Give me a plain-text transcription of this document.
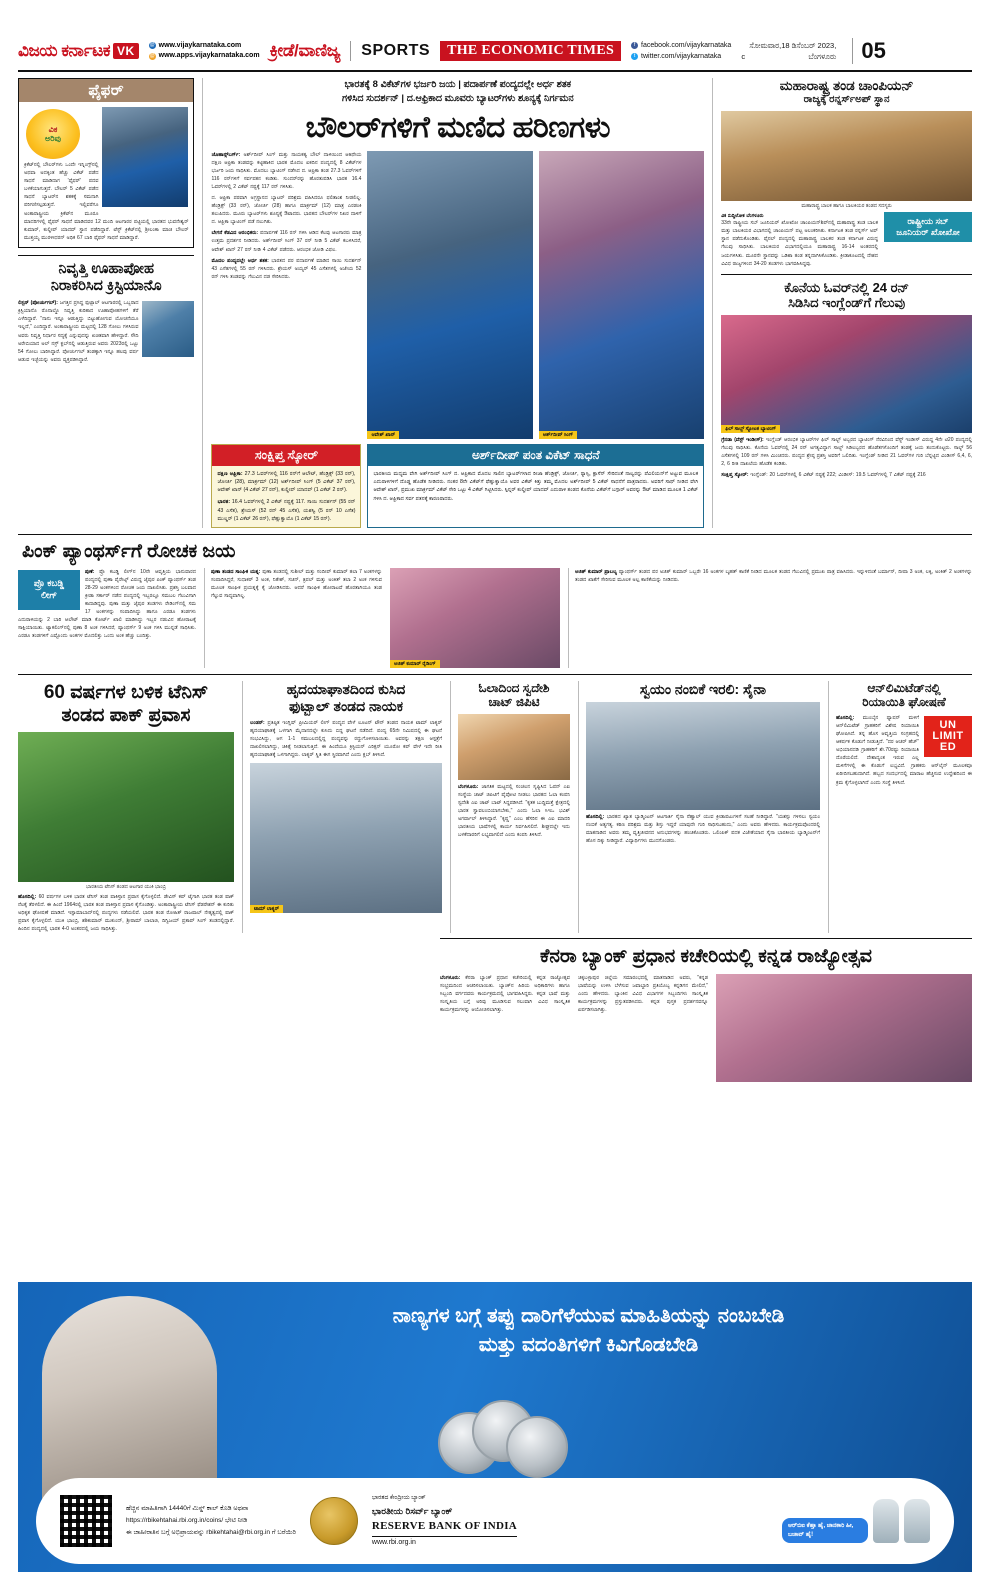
ವಿಜಯ ಕರ್ನಾಟಕ VK	@ www.vijaykarnataka.com
@ www.apps.vijaykarnataka.com ಕ್ರೀಡೆ/ವಾಣಿಜ್ಯ SPORTS	THE ECONOMIC TIMES	f facebook.com/vijaykarnataka
t twitter.com/vijaykarnataka
ಸೋಮವಾರ,18 ಡಿಸೆಂಬರ್ 2023,
c	ಬೆಂಗಳೂರು	05
ಫೈಫರ್
ವಿಕ
ಅರಿವು
ಕ್ರಿಕೆಟ್‌ನಲ್ಲಿ ಬೌಲರ್‌ಗಳು ಒಂದೇ ಇನ್ನಿಂಗ್ಸ್‌ನಲ್ಲಿ ಅಥವಾ ಅದಕ್ಕಿಂತ ಹೆಚ್ಚು ವಿಕೆಟ್ ಪಡೆದ ಸಾಧನೆ ಮಾಡಿದಾಗ 'ಫೈಫರ್' ಪದವ ಬಳಕೆಯಾಗುತ್ತದೆ. ಬೌಲರ್ 5 ವಿಕೆಟ್ ಪಡೆದ ಸಾಧನೆ ಬ್ಯಾಟರ್‌ನ ಶತಕಕ್ಕೆ ಸಮನಾಗಿ ಪರಿಗಣಿಸಲ್ಪಡುತ್ತದೆ. ಇಲ್ಲಿವರೆಗೂ ಅಂತಾರಾಷ್ಟ್ರೀಯ ಕ್ರಿಕೆಟ್‌ನ ಮೂರೂ ಮಾದರಿಗಳಲ್ಲಿ ಫೈಫರ್ ಸಾಧನೆ ಮಾಡಿದವರ 12 ಮಂದಿ ಆಟಗಾರರ ಪಟ್ಟಿಯಲ್ಲಿ ಭಾರತದ ಭುವನೇಶ್ವರ್ ಕುಮಾರ್, ಕುಲ್ದೀಪ್ ಯಾದವ್ ಸ್ಥಾನ ಪಡೆದಿದ್ದಾರೆ. ಟೆಸ್ಟ್ ಕ್ರಿಕೆಟ್‌ನಲ್ಲಿ ಶ್ರೀಲಂಕಾ ಮಾಜಿ ಬೌಲರ್ ಮುತ್ತಯ್ಯ ಮುರಳೀಧರನ್ ಅಧಿಕ 67 ಬಾರಿ ಫೈಫರ್ ಸಾಧನೆ ಮಾಡಿದ್ದಾರೆ.
ನಿವೃತ್ತಿ ಊಹಾಪೋಹ
ನಿರಾಕರಿಸಿದ ಕ್ರಿಸ್ಟಿಯಾನೊ
ಲಿಸ್ಬನ್ (ಪೋರ್ಚುಗಲ್): ಜಗತ್ತಿನ ಪ್ರಸಿದ್ಧ ಫುಟ್ಬಾಲ್ ಆಟಗಾರರಲ್ಲಿ ಒಬ್ಬರಾದ ಕ್ರಿಸ್ಟಿಯಾನೊ ರೊನಾಲ್ಡೊ ನಿವೃತ್ತಿ ಕುರಿತಾದ ಊಹಾಪೋಹಗಳಿಗೆ ತೆರೆ ಎಳೆದಿದ್ದಾರೆ. "ನಾನು ಇನ್ನೂ ಆಡುತ್ತಿದ್ದು ಬಿಟ್ಟುಹೋಗುವ ಯೋಚನೆಯೂ ಇಲ್ಲದೆ," ಎಂದಿದ್ದಾರೆ. ಅಂತಾರಾಷ್ಟ್ರೀಯ ಮಟ್ಟದಲ್ಲಿ 128 ಗೋಲು ಗಳಿಸಿರುವ ಅವರು ನಿವೃತ್ತಿ ನಿರ್ಧಾರ ಸದ್ಯಕ್ಕೆ ಎನ್ನುವುದನ್ನು ಖಚಿತವಾಗಿ ಹೇಳಿದ್ದಾರೆ. ಸೌದಿ ಅರೇಬಿಯಾದ ಅಲ್ ನಸ್ರ್ ಕ್ಲಬ್‌ನಲ್ಲಿ ಆಡುತ್ತಿರುವ ಅವರು 2023ರಲ್ಲಿ ಒಟ್ಟು 54 ಗೋಲು ಬಾರಿಸಿದ್ದಾರೆ. ಪೋರ್ಚುಗಲ್ ತಂಡಕ್ಕಾಗಿ ಇನ್ನೂ ಹಲವು ವರ್ಷ ಆಡುವ ಇಚ್ಛೆಯನ್ನು ಅವರು ವ್ಯಕ್ತಪಡಿಸಿದ್ದಾರೆ.
ಭಾರತಕ್ಕೆ 8 ವಿಕೆಟ್‌ಗಳ ಭರ್ಜರಿ ಜಯ | ಪದಾರ್ಪಣೆ ಪಂದ್ಯದಲ್ಲೇ ಅರ್ಧ ಶತಕ
ಗಳಿಸಿದ ಸುದರ್ಶನ್ | ದ.ಆಫ್ರಿಕಾದ ಮೂವರು ಬ್ಯಾಟರ್‌ಗಳು ಶೂನ್ಯಕ್ಕೆ ನಿರ್ಗಮನ
ಬೌಲರ್‌ಗಳಿಗೆ ಮಣಿದ ಹರಿಣಗಳು
ಜೊಹಾನ್ಸ್‌ಬರ್ಗ್: ಅರ್ಶ್‌ದೀಪ್ ಸಿಂಗ್ ಮತ್ತು ನಾಯಕತ್ವ ಬೌಲ್ ದಾಳಿಯಿಂದ ಆತಿಥೇಯ ದಕ್ಷಿಣ ಆಫ್ರಿಕಾ ತಂಡವನ್ನು ಕಟ್ಟಿಹಾಕಿದ ಭಾರತ ಮೊದಲ ಏಕದಿನ ಪಂದ್ಯದಲ್ಲಿ 8 ವಿಕೆಟ್‌ಗಳ ಭರ್ಜರಿ ಜಯ ಸಾಧಿಸಿತು. ಮೊದಲು ಬ್ಯಾಟಿಂಗ್ ನಡೆಸಿದ ದ. ಆಫ್ರಿಕಾ ತಂಡ 27.3 ಓವರ್‌ಗಳಿಗೆ 116 ರನ್‌ಗಳಿಗೆ ಸರ್ವಪತನ ಕಂಡಿತು. ಸುಂದರ್‌ರನ್ನು ಹೊರತುಪಡಿಸಿ ಭಾರತ 16.4 ಓವರ್‌ಗಳಲ್ಲಿ 2 ವಿಕೆಟ್ ನಷ್ಟಕ್ಕೆ 117 ರನ್ ಗಳಿಸಿತು.
ದ. ಆಫ್ರಿಕಾ ಪರವಾಗಿ ಅಗ್ರಸ್ಥಾನದ ಬ್ಯಾಟರ್ ಪರಿಶ್ರಮ ವಹಿಸಿದರೂ ಫಲಿತಾಂಶ ನೀಡಲಿಲ್ಲ. ಹೆಂಡ್ರಿಕ್ಸ್ (33 ರನ್), ಜೋರ್ಜಿ (28) ಹಾಗೂ ಮಾರ್ಕ್ರಮ್ (12) ಮಾತ್ರ ಎರಡಂಕಿ ತಲುಪಿದರು. ಮೂರು ಬ್ಯಾಟರ್‌ಗಳು ಶೂನ್ಯಕ್ಕೆ ಔಟಾದರು. ಭಾರತದ ಬೌಲರ್‌ಗಳ ನಿಖರ ದಾಳಿಗೆ ದ. ಆಫ್ರಿಕಾ ಬ್ಯಾಟಿಂಗ್ ಪಡೆ ನಲುಗಿತು.
ಬೇಗನೆ ಕೆಡವಿದ ಆರಂಭಿಕರು: ಪದಾರ್ಪಣೆ 116 ರನ್ ಗಳಿಸಿ ಆಡಿದ ಕೆಲವು ಆಟಗಾರರು ಮಾತ್ರ ಉತ್ತಮ ಪ್ರದರ್ಶನ ನೀಡಿದರು. ಅರ್ಶ್‌ದೀಪ್ ಸಿಂಗ್ 37 ರನ್ ನೀಡಿ 5 ವಿಕೆಟ್ ಕಬಳಿಸಿದರೆ, ಆವೇಶ್ ಖಾನ್ 27 ರನ್ ನೀಡಿ 4 ವಿಕೆಟ್ ಪಡೆದರು. ಆರಂಭಿಕ ಜೋಡಿ ವಿಫಲ.
ಮೊದಲ ಪಂದ್ಯದಲ್ಲೇ ಅರ್ಧ ಶತಕ: ಭಾರತದ ಪರ ಪದಾರ್ಪಣೆ ಮಾಡಿದ ಸಾಯಿ ಸುದರ್ಶನ್ 43 ಎಸೆತಗಳಲ್ಲಿ 55 ರನ್ ಗಳಿಸಿದರು. ಶ್ರೇಯಸ್ ಅಯ್ಯರ್ 45 ಎಸೆತಗಳಲ್ಲಿ ಅಜೇಯ 52 ರನ್ ಗಳಿಸಿ ತಂಡವನ್ನು ಗೆಲುವಿನ ದಡ ಸೇರಿಸಿದರು.
ಆವೇಶ್ ಖಾನ್	ಅರ್ಶ್‌ದೀಪ್ ಸಿಂಗ್
ಸಂಕ್ಷಿಪ್ತ ಸ್ಕೋರ್
ದಕ್ಷಿಣ ಆಫ್ರಿಕಾ: 27.3 ಓವರ್‌ಗಳಲ್ಲಿ 116 ರನ್‌ಗೆ ಆಲೌಟ್, ಹೆಂಡ್ರಿಕ್ಸ್ (33 ರನ್), ಜೋರ್ಜಿ (28), ಮಾರ್ಕ್ರಮ್ (12) ಅರ್ಶ್‌ದೀಪ್ ಸಿಂಗ್ (5 ವಿಕೆಟ್ 37 ರನ್), ಆವೇಶ್ ಖಾನ್ (4 ವಿಕೆಟ್ 27 ರನ್), ಕುಲ್ದೀಪ್ ಯಾದವ್ (1 ವಿಕೆಟ್ 2 ರನ್).
ಭಾರತ: 16.4 ಓವರ್‌ಗಳಲ್ಲಿ 2 ವಿಕೆಟ್ ನಷ್ಟಕ್ಕೆ 117. ಸಾಯಿ ಸುದರ್ಶನ್ (55 ರನ್ 43 ಎಸೆತ), ಶ್ರೇಯಸ್ (52 ರನ್ 45 ಎಸೆತ), ಯಶಸ್ವಿ (5 ರನ್ 10 ಎಸೆತ) ಮುಲ್ಡರ್ (1 ವಿಕೆಟ್ 26 ರನ್), ಫೆಹ್ಲುಕ್ವಾಯೊ (1 ವಿಕೆಟ್ 15 ರನ್).
ಅರ್ಶ್‌ದೀಪ್ ಪಂತ ವಿಕೆಟ್ ಸಾಧನೆ
ಭಾರತೀಯ ಮಧ್ಯಮ ವೇಗಿ ಅರ್ಶ್‌ದೀಪ್ ಸಿಂಗ್ ದ. ಆಫ್ರಿಕಾದ ಮೊದಲ ಸಾಲಿನ ಬ್ಯಾಟರ್‌ಗಳಾದ ರೀಜಾ ಹೆಂಡ್ರಿಕ್ಸ್, ಜೋರ್ಜಿ, ರ‍್ಯಾಸ್ಸಿ, ಕ್ಲಾಸೆನ್ ಸೇರಿದಂತೆ ನಾಲ್ವರನ್ನು ಪೆವಿಲಿಯನ್‌ಗೆ ಅಟ್ಟುವ ಮೂಲಕ ಎದುರಾಳಿಗಳಿಗೆ ದೊಡ್ಡ ಹೊಡೆತ ನೀಡಿದರು. ನಂತರ 8ನೇ ವಿಕೆಟ್‌ಗೆ ಫೆಹ್ಲುಕ್ವಾಯೊ ಅವರ ವಿಕೆಟ್ ಕಿತ್ತು ತಮ್ಮ ಮೊದಲ ಅರ್ಶ್‌ದೀಪ್ 5 ವಿಕೆಟ್ ಸಾಧನೆಗೆ ಪಾತ್ರರಾದರು. ಅವರಿಗೆ ಸಾಥ್ ನೀಡಿದ ವೇಗಿ ಆವೇಶ್ ಖಾನ್, ಪ್ರಮುಖ ಮಾರ್ಕ್ರಮ್ ವಿಕೆಟ್ ಸೇರಿ ಒಟ್ಟು 4 ವಿಕೆಟ್ ಗಿಟ್ಟಿಸಿದರು. ಸ್ಪಿನ್ನರ್ ಕುಲ್ದೀಪ್ ಯಾದವ್ ಎದುರಾಳಿ ತಂಡದ ಕೊನೆಯ ವಿಕೆಟ್‌ಗೆ ಬಗ್ಗಾರ್ ಅವರನ್ನು ಔಟ್ ಮಾಡಿದ ಮೂಲಕ 1 ವಿಕೆಟ್ ಗಳಿಸಿ ದ. ಆಫ್ರಿಕಾದ ಸರ್ವ ಪತನಕ್ಕೆ ಕಾರಣರಾದರು.
ಮಹಾರಾಷ್ಟ್ರ ತಂಡ ಚಾಂಪಿಯನ್
ರಾಜ್ಯಕ್ಕೆ ರನ್ನರ್ಸ್‌ಅಪ್ ಸ್ಥಾನ
ಮಹಾರಾಷ್ಟ್ರ ಬಾಲಕ ಹಾಗೂ ಬಾಲಕಿಯರ ತಂಡದ ಸದಸ್ಯರು
ವಿಕ ಸುದ್ದಿಲೋಕ ಬೆಂಗಳೂರು
33ನೇ ರಾಷ್ಟ್ರೀಯ ಸಬ್ ಜೂನಿಯರ್ ಖೋಖೋ ಚಾಂಪಿಯನ್‌ಶಿಪ್‌ನಲ್ಲಿ ಮಹಾರಾಷ್ಟ್ರ ತಂಡ ಬಾಲಕ ಮತ್ತು ಬಾಲಕಿಯರ ವಿಭಾಗದಲ್ಲಿ ಚಾಂಪಿಯನ್ ಪಟ್ಟ ಅಲಂಕರಿಸಿತು. ಕರ್ನಾಟಕ ತಂಡ ರನ್ನರ್ಸ್ ಅಪ್ ಸ್ಥಾನ ಪಡೆದುಕೊಂಡಿತು. ಫೈನಲ್ ಪಂದ್ಯದಲ್ಲಿ ಮಹಾರಾಷ್ಟ್ರ ಬಾಲಕರ ತಂಡ ಕರ್ನಾಟಕ ವಿರುದ್ಧ ಗೆಲುವು ಸಾಧಿಸಿತು. ಬಾಲಕಿಯರ ವಿಭಾಗದಲ್ಲಿಯೂ ಮಹಾರಾಷ್ಟ್ರ 16-14 ಅಂತರದಲ್ಲಿ ಜಯಗಳಿಸಿತು. ಮೂರನೇ ಸ್ಥಾನವನ್ನು ಒಡಿಶಾ ತಂಡ ತನ್ನದಾಗಿಸಿಕೊಂಡಿತು. ಕ್ರೀಡಾಕೂಟದಲ್ಲಿ ದೇಶದ ವಿವಿಧ ರಾಜ್ಯಗಳಿಂದ 34-20 ತಂಡಗಳು ಭಾಗವಹಿಸಿದ್ದವು.
ರಾಷ್ಟ್ರೀಯ ಸಬ್
ಜೂನಿಯರ್ ಖೋಖೋ
ಕೊನೆಯ ಓವರ್‌ನಲ್ಲಿ 24 ರನ್
ಸಿಡಿಸಿದ ಇಂಗ್ಲೆಂಡ್‌ಗೆ ಗೆಲುವು
ಫಿಲ್ ಸಾಲ್ಟ್ ಸ್ಫೋಟಕ ಬ್ಯಾಟಿಂಗ್
ಗ್ರೆನಡಾ (ವೆಸ್ಟ್ ಇಂಡೀಸ್): ಇಂಗ್ಲೆಂಡ್ ಆರಂಭಿಕ ಬ್ಯಾಟರ್‌ಗಳ ಫಿಲ್ ಸಾಲ್ಟ್ ಅಬ್ಬರದ ಬ್ಯಾಟಿಂಗ್ ನೆರವಿನಿಂದ ವೆಸ್ಟ್ ಇಂಡೀಸ್ ವಿರುದ್ಧ 4ನೇ ಟಿ20 ಪಂದ್ಯದಲ್ಲಿ ಗೆಲುವು ಸಾಧಿಸಿತು. ಕೊನೆಯ ಓವರ್‌ನಲ್ಲಿ 24 ರನ್ ಅಗತ್ಯವಿದ್ದಾಗ ಸಾಲ್ಟ್ ಸಿಡಿಲಬ್ಬರದ ಹೊಡೆತಗಳೊಂದಿಗೆ ತಂಡಕ್ಕೆ ಜಯ ತಂದುಕೊಟ್ಟರು. ಸಾಲ್ಟ್ 56 ಎಸೆತಗಳಲ್ಲಿ 109 ರನ್ ಗಳಿಸಿ ಮಿಂಚಿದರು. ಪಂದ್ಯದ ಶ್ರೇಷ್ಠ ಪ್ರಶಸ್ತಿ ಅವರಿಗೆ ಒಲಿದಿತು. ಇಂಗ್ಲೆಂಡ್ ನೀಡಿದ 21 ಓವರ್‌ಗಳ ಗುರಿ ಬೆನ್ನಟ್ಟಿದ ವಿಂಡೀಸ್ 6,4, 6, 2, 6 ರೀತಿ ದಾಖಲೆಯ ಹೊಡೆತ ಕಂಡಿತು.
ಸಂಕ್ಷಿಪ್ತ ಸ್ಕೋರ್: ಇಂಗ್ಲೆಂಡ್: 20 ಓವರ್‌ಗಳಲ್ಲಿ 6 ವಿಕೆಟ್ ನಷ್ಟಕ್ಕೆ 222; ವಿಂಡೀಸ್: 19.5 ಓವರ್‌ಗಳಲ್ಲಿ 7 ವಿಕೆಟ್ ನಷ್ಟಕ್ಕೆ 216
ಪಿಂಕ್ ಪ್ಯಾಂಥರ್ಸ್‌ಗೆ ರೋಚಕ ಜಯ
ಪ್ರೊ ಕಬಡ್ಡಿ
ಲೀಗ್
ಪುಣೆ: ಪ್ರೊ ಕಬಡ್ಡಿ ಲೀಗ್‌ನ 10ನೇ ಆವೃತ್ತಿಯ ಭಾನುವಾರದ ಪಂದ್ಯದಲ್ಲಿ ಪುಣಾ ಪೈರೇಟ್ಸ್ ವಿರುದ್ಧ ಜೈಪುರ ಪಿಂಕ್ ಪ್ಯಾಂಥರ್ಸ್ ತಂಡ 28-29 ಅಂಕಗಳಿಂದ ರೋಚಕ ಜಯ ದಾಖಲಿಸಿತು. ಪ್ರಶಸ್ತಿ ಬಲವಾದ ಕ್ರೀಡಾ ಸರ್ಕಾರ್ ನಡೆದ ಪಂದ್ಯದಲ್ಲಿ ಇಬ್ಬರಲ್ಲೂ ಸಮಬಲ ಗೆಲುವಿಗಾಗಿ ಕಾದಾಡಿದ್ದವು. ಪುಣಾ ಮತ್ತು ಜೈಪುರ ತಂಡಗಳು ರೇಡಿಂಗ್‌ನಲ್ಲಿ ಸಮ 17 ಅಂಕಗಳನ್ನು ಸಂಪಾದಿಸಿದ್ದು ಹಾಗೂ ಎರಡೂ ತಂಡಗಳು ಎದುರಾಳಿಯನ್ನು 2 ಬಾರಿ ಆಲೌಟ್ ಮಾಡಿ ಕೋರ್ಟ್ ಖಾಲಿ ಮಾಡಿಸಿದ್ದು ಇಬ್ಬರ ನಡುವಿನ ಹೋರಾಟಕ್ಕೆ ಸಾಕ್ಷಿಯಾಯಿತು. ಟ್ಯಾಕಲಿಂಗ್‌ನಲ್ಲಿ ಪುಣಾ 8 ಅಂಕ ಗಳಿಸಿದರೆ, ಪ್ಯಾಂಥರ್ಸ್ 9 ಅಂಕ ಗಳಿಸಿ ಮುನ್ನಡೆ ಸಾಧಿಸಿತು. ಎರಡೂ ತಂಡಗಳಿಗೆ ಎಷ್ಟೊಂದು ಅಂಕಗಳ ಮೊದಲಿತ್ತು ಒಂದು ಅಂಕ ಹೆಚ್ಚು ಬಂದಿತ್ತು.
ಪುಣಾ ತಂಡದ ಸಾಂಘಿಕ ಯತ್ನ: ಪುಣಾ ತಂಡದಲ್ಲಿ ಸುಶೀಲ್ ಮತ್ತು ಸಂದೀಪ್ ಕುಮಾರ್ ತಲಾ 7 ಅಂಕಗಳನ್ನು ಸಂಪಾದಿಸಿದ್ದರೆ, ಸುಧಾಕರ್ 3 ಅಂಕ, ನಿತೇಶ್, ಸಚಿನ್, ತ್ರಿಪಲ್ ಮತ್ತು ಅಂಕಿತ್ ತಲಾ 2 ಅಂಕ ಗಳಿಸುವ ಮೂಲಕ ಸಾಂಘಿಕ ಪ್ರಯತ್ನಕ್ಕೆ ಕೈ ಜೋಡಿಸಿದರು. ಆದರೆ ಸಾಂಘಿಕ ಹೋರಾಟವೆ ಹೊರತಾಗಿಯೂ ತಂಡ ಗೆಲ್ಲುವ ಸಾಧ್ಯವಾಗಿಲ್ಲ.
ಅಜಿತ್ ಕುಮಾರ್ ರೈಡಿಂಗ್
ಅಜಿತ್ ಕುಮಾರ್ ಪ್ರಾಬಲ್ಯ ಪ್ಯಾಂಥರ್ಸ್ ತಂಡದ ಪರ ಅಜಿತ್ ಕುಮಾರ್ ಒಬ್ಬರೇ 16 ಅಂಕಗಳ ಬೃಹತ್ ಕಾಣಿಕೆ ನೀಡಿದ ಮೂಲಕ ತಂಡದ ಗೆಲುವಿನಲ್ಲಿ ಪ್ರಮುಖ ಪಾತ್ರ ವಹಿಸಿದರು. ಇನ್ನುಳಿದಂತೆ ಬರ್ಮಾನ್, ದೀಪಾ 3 ಅಂಕ, ಲಕ್ಕಿ, ಅಂಕಿತ್ 2 ಅಂಕಗಳನ್ನು ತಂಡದ ಖಾತೆಗೆ ಸೇರಿಸುವ ಮೂಲಕ ಅಲ್ಪ ಕಾಣಿಕೆಯನ್ನು ನೀಡಿದರು.
60 ವರ್ಷಗಳ ಬಳಿಕ ಟೆನಿಸ್
ತಂಡದ ಪಾಕ್ ಪ್ರವಾಸ
ಭಾರತೀಯ ಟೆನಿಸ್ ತಂಡದ ಆಟಗಾರ ಯುಕಿ ಭಾಂಬ್ರಿ
ಹೊಸದಿಲ್ಲಿ: 60 ವರ್ಷಗಳ ಬಳಿಕ ಭಾರತ ಟೆನಿಸ್ ತಂಡ ಪಾಕಿಸ್ತಾನ ಪ್ರವಾಸ ಕೈಗೊಳ್ಳಲಿದೆ. ಡೇವಿಸ್ ಕಪ್ ಟೈಗಾಗಿ ಭಾರತ ತಂಡ ಪಾಕ್ ನೆಲಕ್ಕೆ ತೆರಳಲಿದೆ. ಈ ಹಿಂದೆ 1964ರಲ್ಲಿ ಭಾರತ ತಂಡ ಪಾಕಿಸ್ತಾನ ಪ್ರವಾಸ ಕೈಗೊಂಡಿತ್ತು. ಅಂತಾರಾಷ್ಟ್ರೀಯ ಟೆನಿಸ್ ಫೆಡರೇಶನ್ ಈ ಕುರಿತು ಅಧಿಕೃತ ಘೋಷಣೆ ಮಾಡಿದೆ. ಇಸ್ಲಾಮಾಬಾದ್‌ನಲ್ಲಿ ಪಂದ್ಯಗಳು ನಡೆಯಲಿವೆ. ಭಾರತ ತಂಡ ರೋಹಿತ್ ರಾಜಪಾಲ್ ನೇತೃತ್ವದಲ್ಲಿ ಪಾಕ್ ಪ್ರವಾಸ ಕೈಗೊಳ್ಳಲಿದೆ. ಯುಕಿ ಭಾಂಬ್ರಿ, ಶಶಿಕುಮಾರ್ ಮುಕುಂದ್, ಶ್ರೀರಾಮ್ ಬಾಲಾಜಿ, ದಿಗ್ವಿಜಯ್ ಪ್ರತಾಪ್ ಸಿಂಗ್ ತಂಡದಲ್ಲಿದ್ದಾರೆ. ಹಿಂದಿನ ಪಂದ್ಯದಲ್ಲಿ ಭಾರತ 4-0 ಅಂತರದಲ್ಲಿ ಜಯ ಸಾಧಿಸಿತ್ತು.
ಹೃದಯಾಘಾತದಿಂದ ಕುಸಿದ
ಫುಟ್ಬಾಲ್ ತಂಡದ ನಾಯಕ
ಲಂಡನ್: ಪ್ರತಿಷ್ಠಿತ ಇಂಗ್ಲಿಷ್ ಪ್ರೀಮಿಯರ್ ಲೀಗ್ ಪಂದ್ಯದ ವೇಳೆ ಲೂಟನ್ ಟೌನ್ ತಂಡದ ನಾಯಕ ಟಾಮ್ ಲಾಕ್ಯರ್ ಹೃದಯಾಘಾತಕ್ಕೆ ಒಳಗಾಗಿ ಮೈದಾನದಲ್ಲೇ ಕುಸಿದು ಬಿದ್ದ ಘಟನೆ ನಡೆದಿದೆ. ಪಂದ್ಯ 65ನೇ ನಿಮಿಷದಲ್ಲಿ ಈ ಘಟನೆ ಸಂಭವಿಸಿದ್ದು, ಆಗ 1-1 ಸಮಬಲದಲ್ಲಿದ್ದ ಪಂದ್ಯವನ್ನು ರದ್ದುಗೊಳಿಸಲಾಯಿತು. ಅವರನ್ನು ತಕ್ಷಣ ಆಸ್ಪತ್ರೆಗೆ ದಾಖಲಿಸಲಾಗಿದ್ದು, ಚಿಕಿತ್ಸೆ ನೀಡಲಾಗುತ್ತಿದೆ. ಈ ಹಿಂದೆಯೂ ಕ್ರಿಸ್ಟಿಯನ್ ಎರಿಕ್ಸನ್ ಯೂರೋ ಕಪ್ ವೇಳೆ ಇದೇ ರೀತಿ ಹೃದಯಾಘಾತಕ್ಕೆ ಒಳಗಾಗಿದ್ದರು. ಲಾಕ್ಯರ್ ಸ್ಥಿತಿ ಈಗ ಸ್ಥಿರವಾಗಿದೆ ಎಂದು ಕ್ಲಬ್ ತಿಳಿಸಿದೆ.
ಟಾಮ್ ಲಾಕ್ಯರ್
ಓಲಾದಿಂದ ಸ್ವದೇಶಿ
ಚಾಟ್ ಜಿಪಿಟಿ
ಬೆಂಗಳೂರು: ಜಾಗತಿಕ ಮಟ್ಟದಲ್ಲಿ ಸಂಚಲನ ಸೃಷ್ಟಿಸಿದ ಓಪನ್ ಎಐ ಸಂಸ್ಥೆಯ ಚಾಟ್ ಜಿಪಿಟಿಗೆ ಪೈಪೋಟಿ ನೀಡಲು ಭಾರತದ ಓಲಾ ಕಂಪನಿ ಸ್ವದೇಶಿ ಎಐ ಚಾಟ್ ಬಾಟ್ ಸಿದ್ಧಪಡಿಸಿದೆ. "ಕೃತಕ ಬುದ್ಧಿಮತ್ತೆ ಕ್ಷೇತ್ರದಲ್ಲಿ ಭಾರತ ಸ್ವಾವಲಂಬಿಯಾಗಬೇಕು," ಎಂದು ಓಲಾ ಸಿಇಒ ಭವಿಶ್ ಅಗರ್ವಾಲ್ ತಿಳಿಸಿದ್ದಾರೆ. "ಕೃಷ್ಣ" ಎಂಬ ಹೆಸರಿನ ಈ ಎಐ ಮಾದರಿ ಭಾರತೀಯ ಭಾಷೆಗಳಲ್ಲಿ ಕಾರ್ಯ ನಿರ್ವಹಿಸಲಿದೆ. ಶೀಘ್ರದಲ್ಲೇ ಇದು ಬಳಕೆದಾರರಿಗೆ ಲಭ್ಯವಾಗಲಿದೆ ಎಂದು ಕಂಪನಿ ತಿಳಿಸಿದೆ.
ಸ್ವಯಂ ನಂಬಿಕೆ ಇರಲಿ: ಸೈನಾ
ಹೊಸದಿಲ್ಲಿ: ಭಾರತದ ಖ್ಯಾತ ಬ್ಯಾಡ್ಮಿಂಟನ್ ಆಟಗಾರ್ತಿ ಸೈನಾ ನೆಹ್ವಾಲ್ ಯುವ ಕ್ರೀಡಾಪಟುಗಳಿಗೆ ಸಲಹೆ ನೀಡಿದ್ದಾರೆ. "ಯಶಸ್ಸು ಗಳಿಸಲು ಸ್ವಯಂ ನಂಬಿಕೆ ಅತ್ಯಗತ್ಯ. ಕಠಿಣ ಪರಿಶ್ರಮ ಮತ್ತು ಶಿಸ್ತು ಇದ್ದರೆ ಯಾವುದೇ ಗುರಿ ಸಾಧಿಸಬಹುದು," ಎಂದು ಅವರು ಹೇಳಿದರು. ಕಾರ್ಯಕ್ರಮವೊಂದರಲ್ಲಿ ಮಾತನಾಡಿದ ಅವರು ತಮ್ಮ ವೃತ್ತಿಜೀವನದ ಅನುಭವಗಳನ್ನು ಹಂಚಿಕೊಂಡರು. ಒಲಿಂಪಿಕ್ ಪದಕ ವಿಜೇತೆಯಾದ ಸೈನಾ ಭಾರತೀಯ ಬ್ಯಾಡ್ಮಿಂಟನ್‌ಗೆ ಹೊಸ ದಿಕ್ಕು ನೀಡಿದ್ದಾರೆ. ವಿದ್ಯಾರ್ಥಿಗಳು ಮುದಗೊಂಡರು.
ಆನ್‌ಲಿಮಿಟೆಡ್‌ನಲ್ಲಿ
ರಿಯಾಯಿತಿ ಘೋಷಣೆ
UN
LIMIT
ED
ಹೊಸದಿಲ್ಲಿ: ಮುಂಬೈನ ಫ್ಯಾಷನ್ ಮಳಿಗೆ ಆನ್‌ಲಿಮಿಟೆಡ್ ಗ್ರಾಹಕರಿಗೆ ವಿಶೇಷ ರಿಯಾಯಿತಿ ಘೋಷಿಸಿದೆ. ತನ್ನ ಹೊಸ ಆವೃತ್ತಿಯ ಸಂಗ್ರಹದಲ್ಲಿ ಆಕರ್ಷಕ ಕೊಡುಗೆ ನೀಡುತ್ತಿದೆ. "ದರ ಆಚರ್ ಹೆಚ್" ಅಭಿಯಾನದಡಿ ಗ್ರಾಹಕರಿಗೆ ಶೇ.70ರಷ್ಟು ರಿಯಾಯಿತಿ ದೊರೆಯಲಿದೆ. ದೇಶಾದ್ಯಂತ ಇರುವ ಎಲ್ಲ ಮಳಿಗೆಗಳಲ್ಲಿ ಈ ಕೊಡುಗೆ ಲಭ್ಯವಿದೆ. ಗ್ರಾಹಕರು ಆನ್‌ಲೈನ್ ಮೂಲಕವೂ ಖರೀದಿಸಬಹುದಾಗಿದೆ. ಹಬ್ಬದ ಸಂದರ್ಭದಲ್ಲಿ ಮಾರಾಟ ಹೆಚ್ಚಿಸುವ ಉದ್ದೇಶದಿಂದ ಈ ಕ್ರಮ ಕೈಗೊಳ್ಳಲಾಗಿದೆ ಎಂದು ಸಂಸ್ಥೆ ತಿಳಿಸಿದೆ.
ಕೆನರಾ ಬ್ಯಾಂಕ್ ಪ್ರಧಾನ ಕಚೇರಿಯಲ್ಲಿ ಕನ್ನಡ ರಾಜ್ಯೋತ್ಸವ
ಬೆಂಗಳೂರು: ಕೆನರಾ ಬ್ಯಾಂಕ್ ಪ್ರಧಾನ ಕಚೇರಿಯಲ್ಲಿ ಕನ್ನಡ ರಾಜ್ಯೋತ್ಸವ ಸಂಭ್ರಮದಿಂದ ಆಚರಿಸಲಾಯಿತು. ಬ್ಯಾಂಕ್‌ನ ಹಿರಿಯ ಅಧಿಕಾರಿಗಳು ಹಾಗೂ ಸಿಬ್ಬಂದಿ ವರ್ಗದವರು ಕಾರ್ಯಕ್ರಮದಲ್ಲಿ ಭಾಗವಹಿಸಿದ್ದರು. ಕನ್ನಡ ಭಾಷೆ ಮತ್ತು ಸಂಸ್ಕೃತಿಯ ಬಗ್ಗೆ ಅರಿವು ಮೂಡಿಸುವ ಸಲುವಾಗಿ ವಿವಿಧ ಸಾಂಸ್ಕೃತಿಕ ಕಾರ್ಯಕ್ರಮಗಳನ್ನು ಆಯೋಜಿಸಲಾಗಿತ್ತು.
ಚಿಕ್ಕಬಳ್ಳಾಪುರ ಜಿಲ್ಲೆಯ ಸಮಾರಂಭದಲ್ಲಿ ಮಾತನಾಡಿದ ಅವರು, "ಕನ್ನಡ ಭಾಷೆಯನ್ನು ಉಳಿಸಿ ಬೆಳೆಸುವ ಜವಾಬ್ದಾರಿ ಪ್ರತಿಯೊಬ್ಬ ಕನ್ನಡಿಗನ ಮೇಲಿದೆ," ಎಂದು ಹೇಳಿದರು. ಬ್ಯಾಂಕಿನ ವಿವಿಧ ವಿಭಾಗಗಳ ಸಿಬ್ಬಂದಿಗಳು ಸಾಂಸ್ಕೃತಿಕ ಕಾರ್ಯಕ್ರಮಗಳನ್ನು ಪ್ರಸ್ತುತಪಡಿಸಿದರು. ಕನ್ನಡ ಪುಸ್ತಕ ಪ್ರದರ್ಶನವನ್ನೂ ಏರ್ಪಡಿಸಲಾಗಿತ್ತು.
ನಾಣ್ಯಗಳ ಬಗ್ಗೆ ತಪ್ಪು ದಾರಿಗೆಳೆಯುವ ಮಾಹಿತಿಯನ್ನು ನಂಬಬೇಡಿ
ಮತ್ತು ವದಂತಿಗಳಿಗೆ ಕಿವಿಗೊಡಬೇಡಿ
ಹೆಚ್ಚಿನ ಮಾಹಿತಿಗಾಗಿ 14440ಗೆ ಮಿಸ್ಡ್ ಕಾಲ್ ಕೊಡಿ ಅಥವಾ
https://rbikehtahai.rbi.org.in/coins/ ಭೇಟಿ ನೀಡಿ
ಈ ಜಾಹೀರಾತಿನ ಬಗ್ಗೆ ಅಭಿಪ್ರಾಯವನ್ನು rbikehtahai@rbi.org.in ಗೆ ಬರೆಯಿರಿ
ಭಾರತದ ಕೇಂದ್ರೀಯ ಬ್ಯಾಂಕ್
ಭಾರತೀಯ ರಿಸರ್ವ್ ಬ್ಯಾಂಕ್
RESERVE BANK OF INDIA
www.rbi.org.in
ಆರ್‌ಬಿಐ ಕೆಹ್ತಾ ಹೈ, ಜಾನಕಾರಿ ಹೀ, ಬಚಾವ್ ಹೈ!
